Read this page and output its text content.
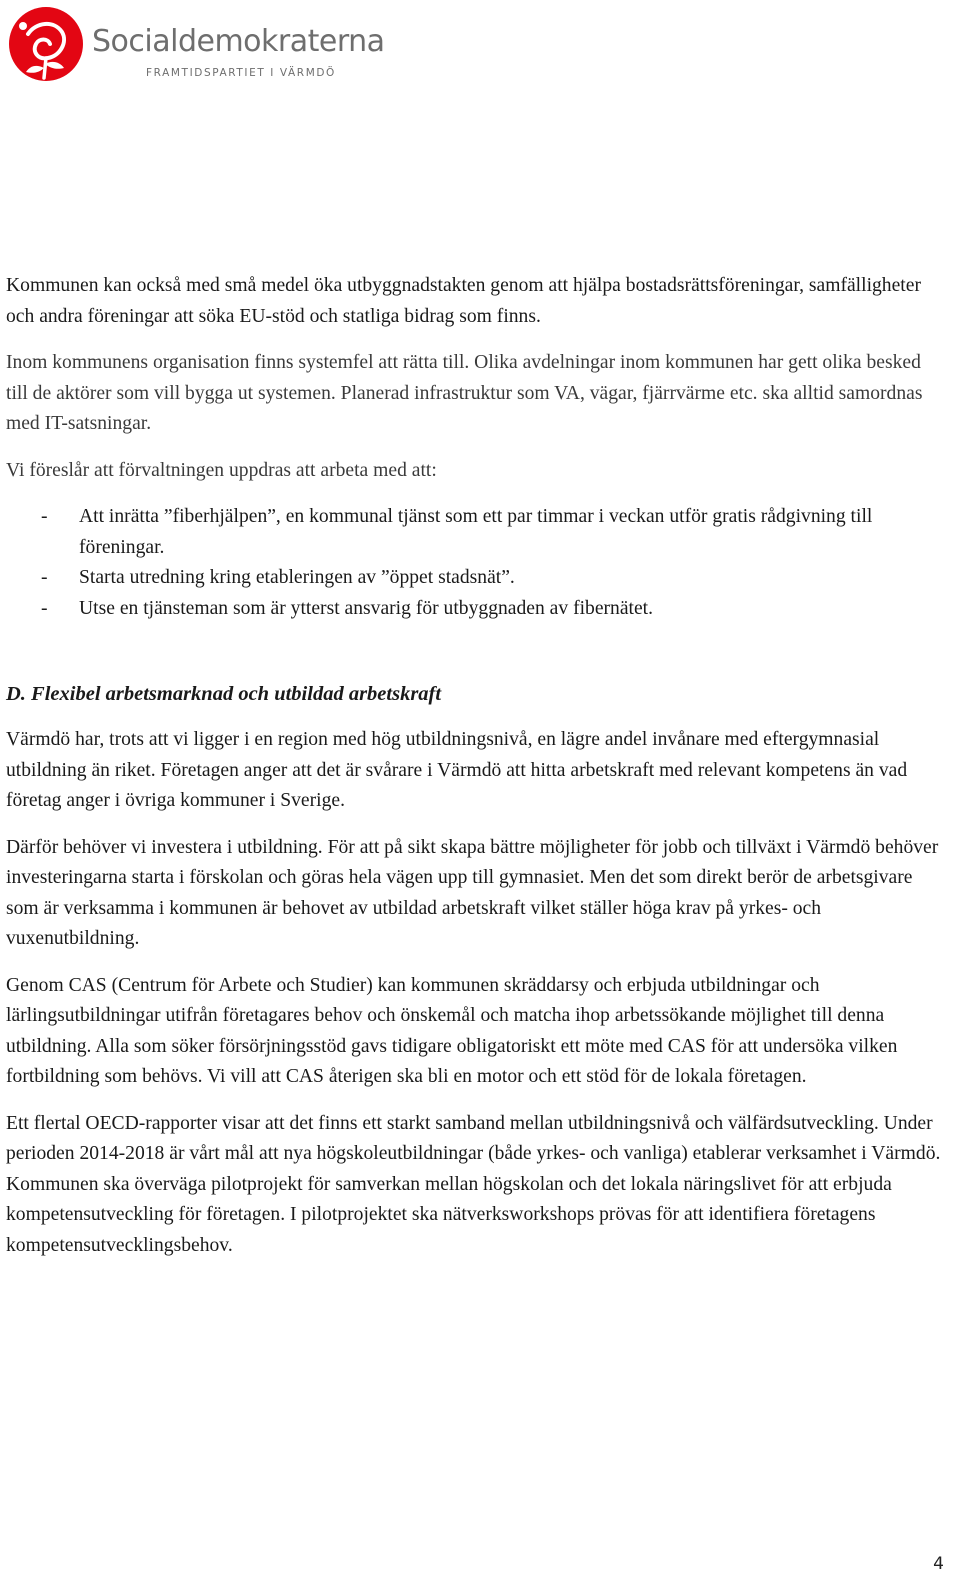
Socialdemokraterna
FRAMTIDSPARTIET I VÄRMDÖ

Kommunen kan också med små medel öka utbyggnadstakten genom att hjälpa bostadsrättsföreningar, samfälligheter och andra föreningar att söka EU-stöd och statliga bidrag som finns.

Inom kommunens organisation finns systemfel att rätta till. Olika avdelningar inom kommunen har gett olika besked till de aktörer som vill bygga ut systemen. Planerad infrastruktur som VA, vägar, fjärrvärme etc. ska alltid samordnas med IT-satsningar.

Vi föreslår att förvaltningen uppdras att arbeta med att:

- Att inrätta ”fiberhjälpen”, en kommunal tjänst som ett par timmar i veckan utför gratis rådgivning till föreningar.
- Starta utredning kring etableringen av ”öppet stadsnät”.
- Utse en tjänsteman som är ytterst ansvarig för utbyggnaden av fibernätet.
D. Flexibel arbetsmarknad och utbildad arbetskraft

Värmdö har, trots att vi ligger i en region med hög utbildningsnivå, en lägre andel invånare med eftergymnasial utbildning än riket. Företagen anger att det är svårare i Värmdö att hitta arbetskraft med relevant kompetens än vad företag anger i övriga kommuner i Sverige.

Därför behöver vi investera i utbildning. För att på sikt skapa bättre möjligheter för jobb och tillväxt i Värmdö behöver investeringarna starta i förskolan och göras hela vägen upp till gymnasiet. Men det som direkt berör de arbetsgivare som är verksamma i kommunen är behovet av utbildad arbetskraft vilket ställer höga krav på yrkes- och vuxenutbildning.

Genom CAS (Centrum för Arbete och Studier) kan kommunen skräddarsy och erbjuda utbildningar och lärlingsutbildningar utifrån företagares behov och önskemål och matcha ihop arbetssökande möjlighet till denna utbildning. Alla som söker försörjningsstöd gavs tidigare obligatoriskt ett möte med CAS för att undersöka vilken fortbildning som behövs. Vi vill att CAS återigen ska bli en motor och ett stöd för de lokala företagen.

Ett flertal OECD-rapporter visar att det finns ett starkt samband mellan utbildningsnivå och välfärdsutveckling. Under perioden 2014-2018 är vårt mål att nya högskoleutbildningar (både yrkes- och vanliga) etablerar verksamhet i Värmdö. Kommunen ska överväga pilotprojekt för samverkan mellan högskolan och det lokala näringslivet för att erbjuda kompetensutveckling för företagen. I pilotprojektet ska nätverksworkshops prövas för att identifiera företagens kompetensutvecklingsbehov.

4
